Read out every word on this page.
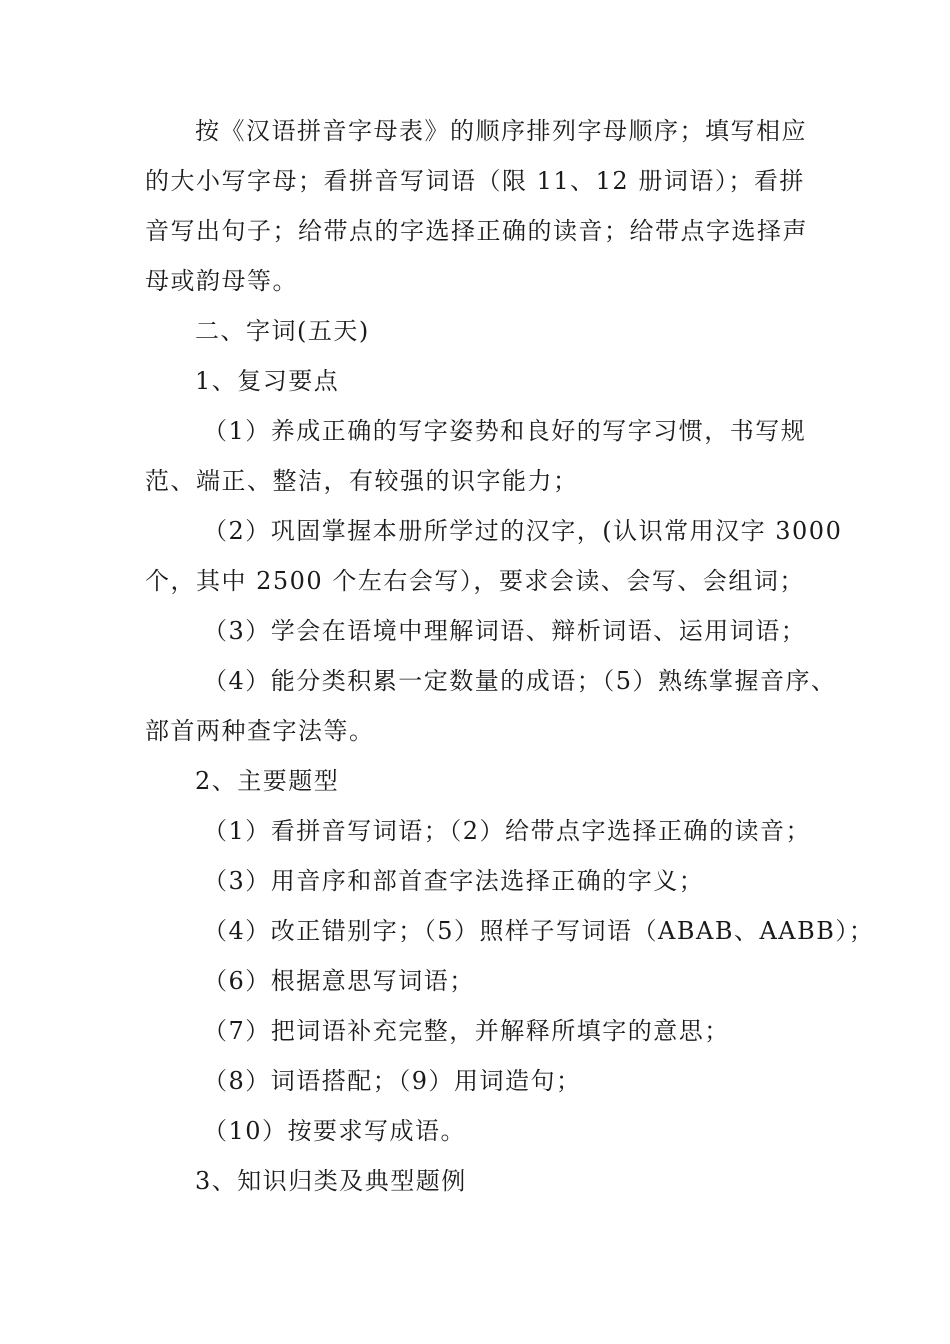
按《汉语拼音字母表》的顺序排列字母顺序；填写相应
的大小写字母；看拼音写词语（限 11、12 册词语）；看拼
音写出句子；给带点的字选择正确的读音；给带点字选择声
母或韵母等。
二、字词(五天)
1、复习要点
（1）养成正确的写字姿势和良好的写字习惯，书写规
范、端正、整洁，有较强的识字能力；
（2）巩固掌握本册所学过的汉字，(认识常用汉字 3000
个，其中 2500 个左右会写），要求会读、会写、会组词；
（3）学会在语境中理解词语、辩析词语、运用词语；
（4）能分类积累一定数量的成语；（5）熟练掌握音序、
部首两种查字法等。
2、主要题型
（1）看拼音写词语；（2）给带点字选择正确的读音；
（3）用音序和部首查字法选择正确的字义；
（4）改正错别字；（5）照样子写词语（ABAB、AABB）；
（6）根据意思写词语；
（7）把词语补充完整，并解释所填字的意思；
（8）词语搭配；（9）用词造句；
（10）按要求写成语。
3、知识归类及典型题例
